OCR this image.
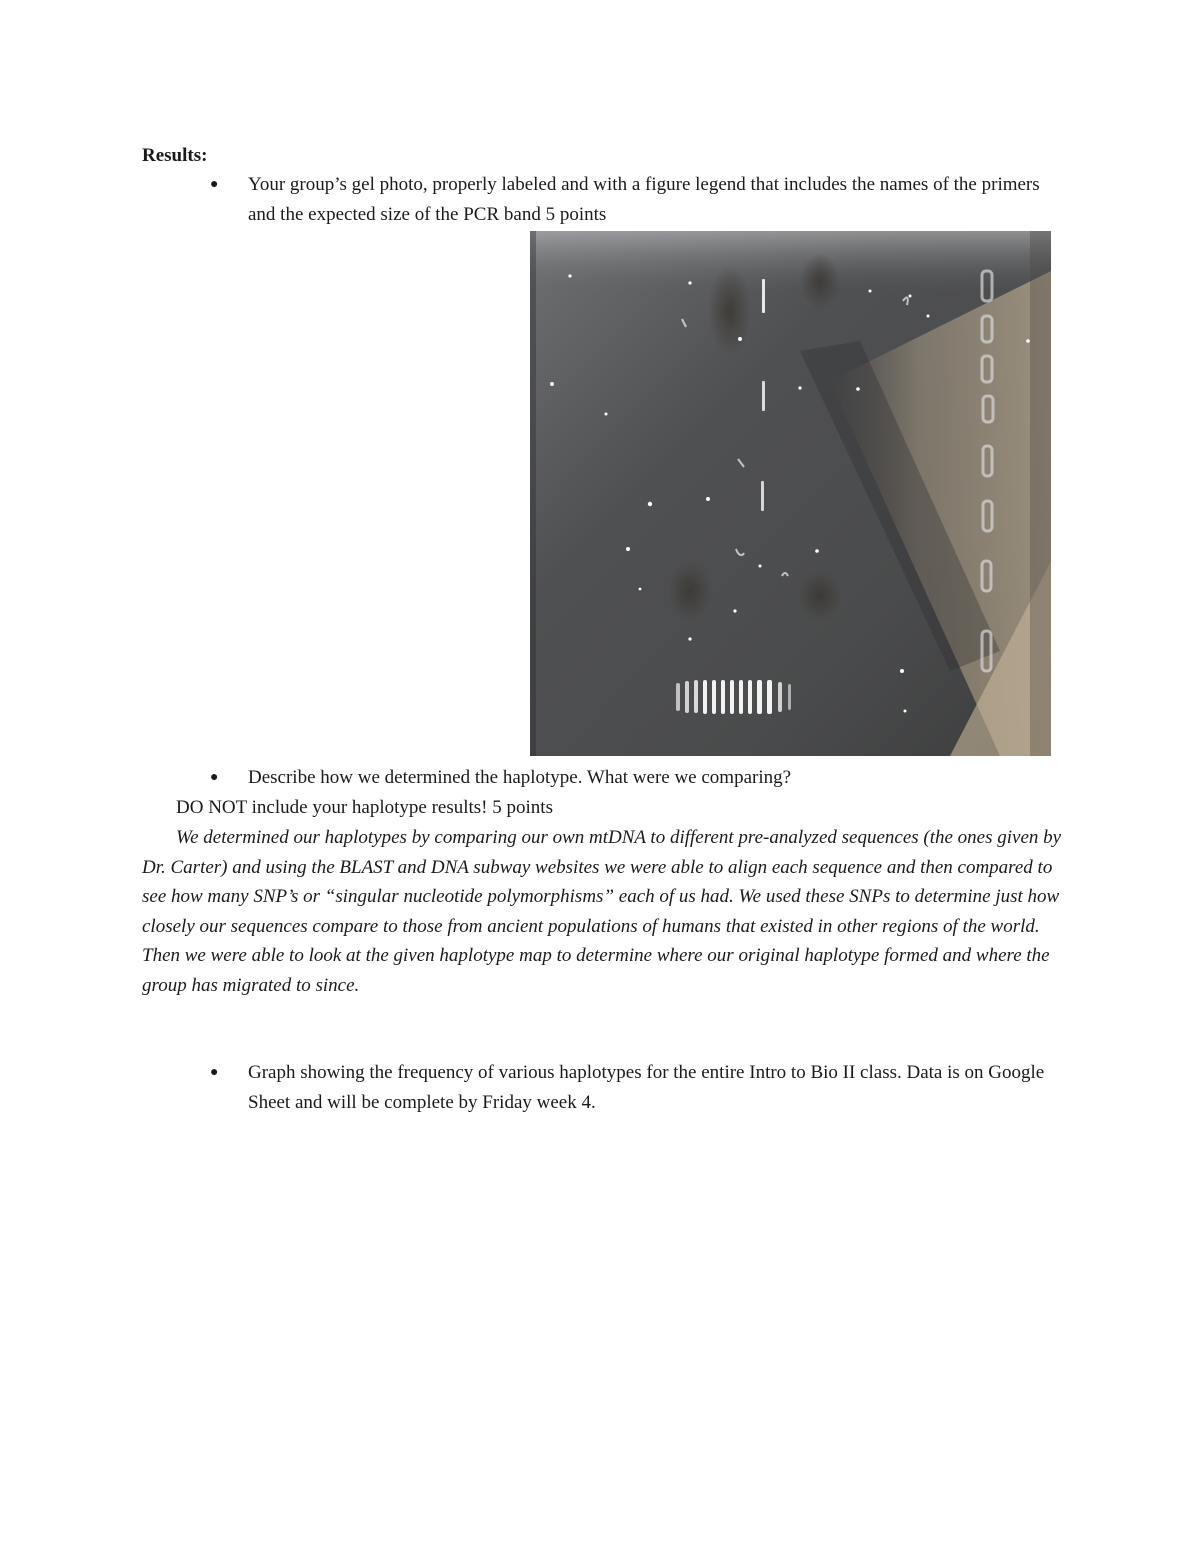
Results:
● Your group’s gel photo, properly labeled and with a figure legend that includes the names of the primers and the expected size of the PCR band 5 points
● Describe how we determined the haplotype. What were we comparing?
DO NOT include your haplotype results! 5 points
We determined our haplotypes by comparing our own mtDNA to different pre-analyzed sequences (the ones given by Dr. Carter) and using the BLAST and DNA subway websites we were able to align each sequence and then compared to see how many SNP’s or “singular nucleotide polymorphisms” each of us had. We used these SNPs to determine just how closely our sequences compare to those from ancient populations of humans that existed in other regions of the world. Then we were able to look at the given haplotype map to determine where our original haplotype formed and where the group has migrated to since.
● Graph showing the frequency of various haplotypes for the entire Intro to Bio II class. Data is on Google Sheet and will be complete by Friday week 4.
